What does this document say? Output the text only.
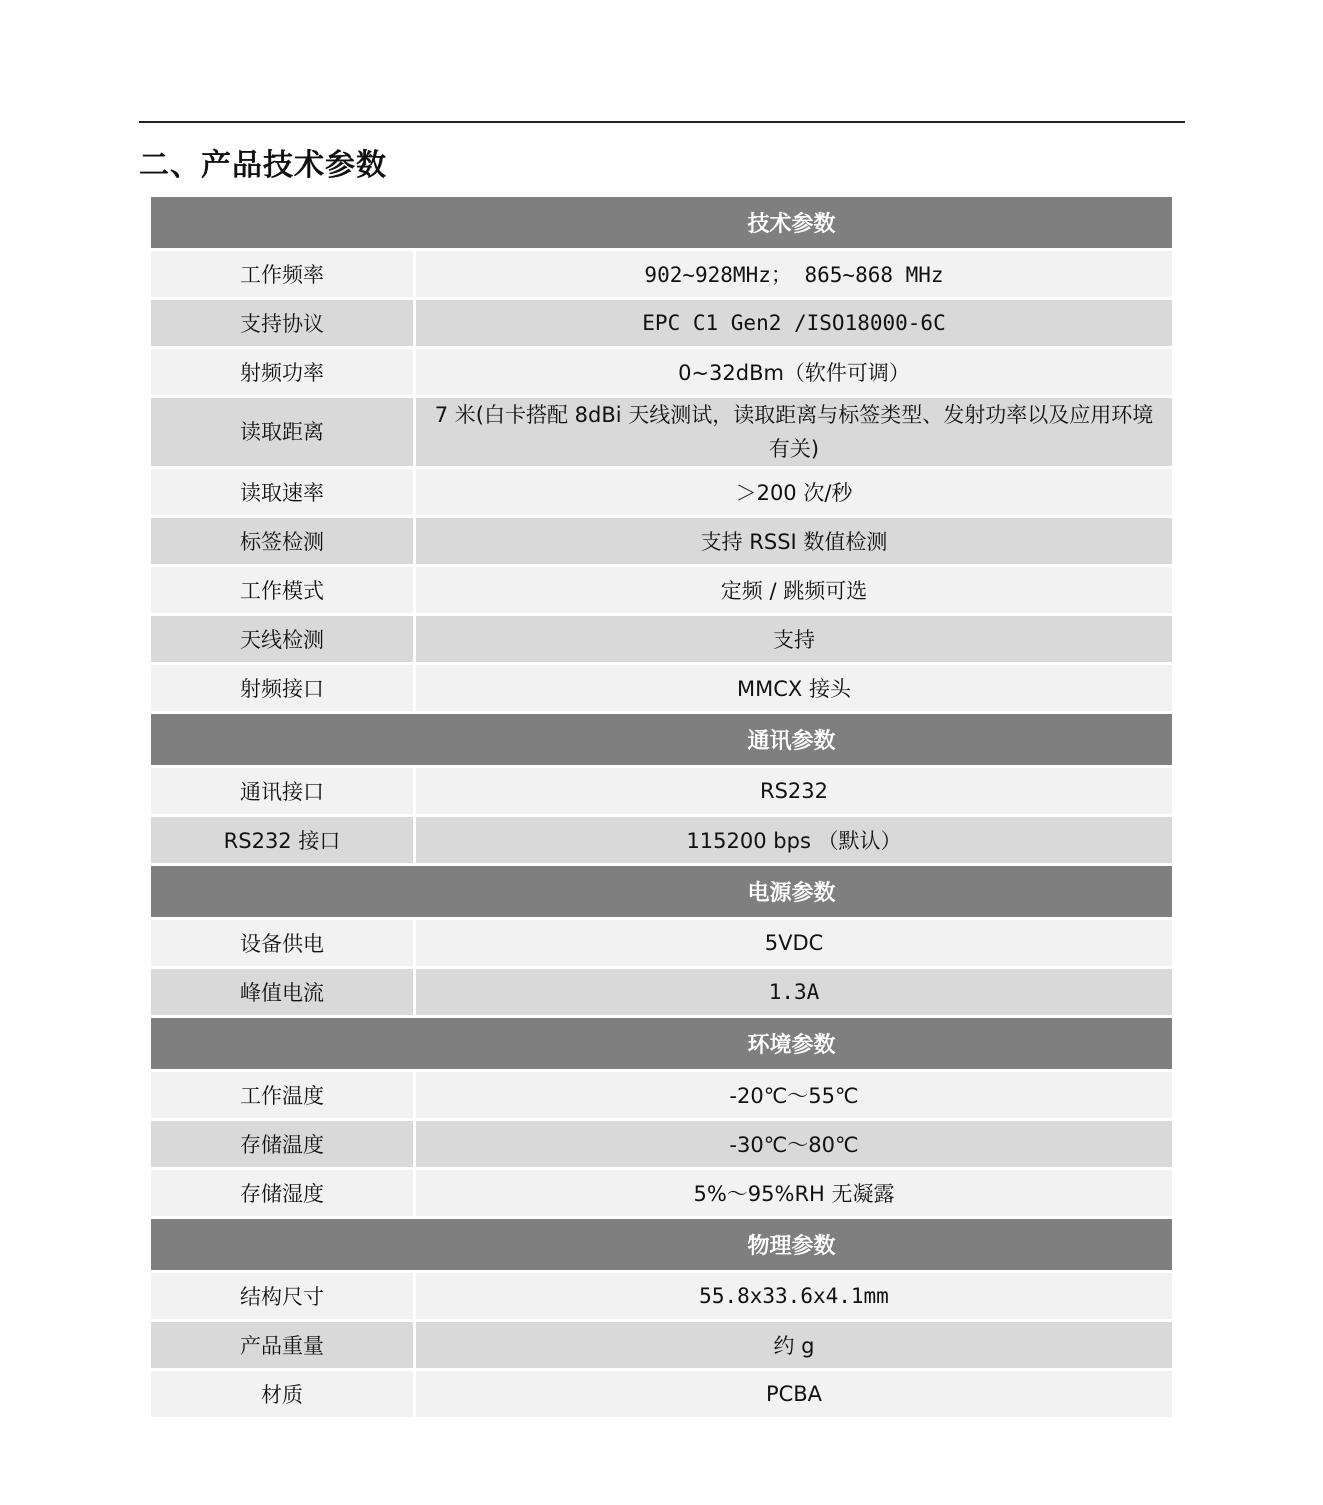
二、产品技术参数
技术参数	
工作频率	902~928MHz； 865~868 MHz
支持协议	EPC C1 Gen2 /ISO18000-6C
射频功率	0~32dBm（软件可调）
读取距离	7 米(白卡搭配 8dBi 天线测试，读取距离与标签类型、发射功率以及应用环境有关)
读取速率	＞200 次/秒
标签检测	支持 RSSI 数值检测
工作模式	定频 / 跳频可选
天线检测	支持
射频接口	MMCX 接头
通讯参数	
通讯接口	RS232
RS232 接口	115200 bps （默认）
电源参数	
设备供电	5VDC
峰值电流	1.3A
环境参数	
工作温度	-20℃～55℃
存储温度	-30℃～80℃
存储湿度	5%～95%RH 无凝露
物理参数	
结构尺寸	55.8x33.6x4.1mm
产品重量	约 g
材质	PCBA
